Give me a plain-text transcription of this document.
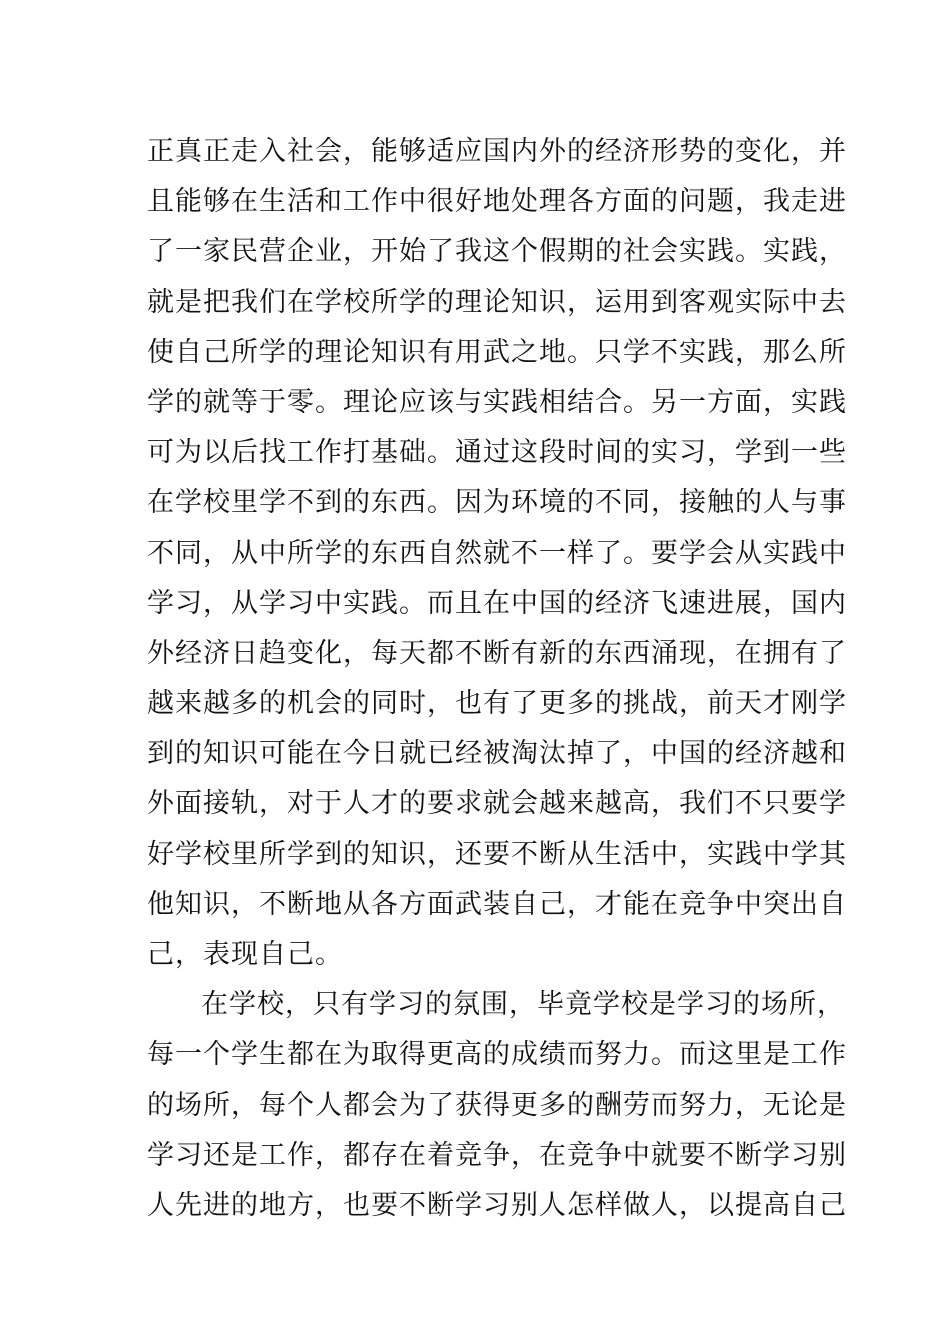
正真正走入社会，能够适应国内外的经济形势的变化，并
且能够在生活和工作中很好地处理各方面的问题，我走进
了一家民营企业，开始了我这个假期的社会实践。实践，
就是把我们在学校所学的理论知识，运用到客观实际中去
使自己所学的理论知识有用武之地。只学不实践，那么所
学的就等于零。理论应该与实践相结合。另一方面，实践
可为以后找工作打基础。通过这段时间的实习，学到一些
在学校里学不到的东西。因为环境的不同，接触的人与事
不同，从中所学的东西自然就不一样了。要学会从实践中
学习，从学习中实践。而且在中国的经济飞速进展，国内
外经济日趋变化，每天都不断有新的东西涌现，在拥有了
越来越多的机会的同时，也有了更多的挑战，前天才刚学
到的知识可能在今日就已经被淘汰掉了，中国的经济越和
外面接轨，对于人才的要求就会越来越高，我们不只要学
好学校里所学到的知识，还要不断从生活中，实践中学其
他知识，不断地从各方面武装自己，才能在竞争中突出自
己，表现自己。
在学校，只有学习的氛围，毕竟学校是学习的场所，
每一个学生都在为取得更高的成绩而努力。而这里是工作
的场所，每个人都会为了获得更多的酬劳而努力，无论是
学习还是工作，都存在着竞争，在竞争中就要不断学习别
人先进的地方，也要不断学习别人怎样做人，以提高自己
